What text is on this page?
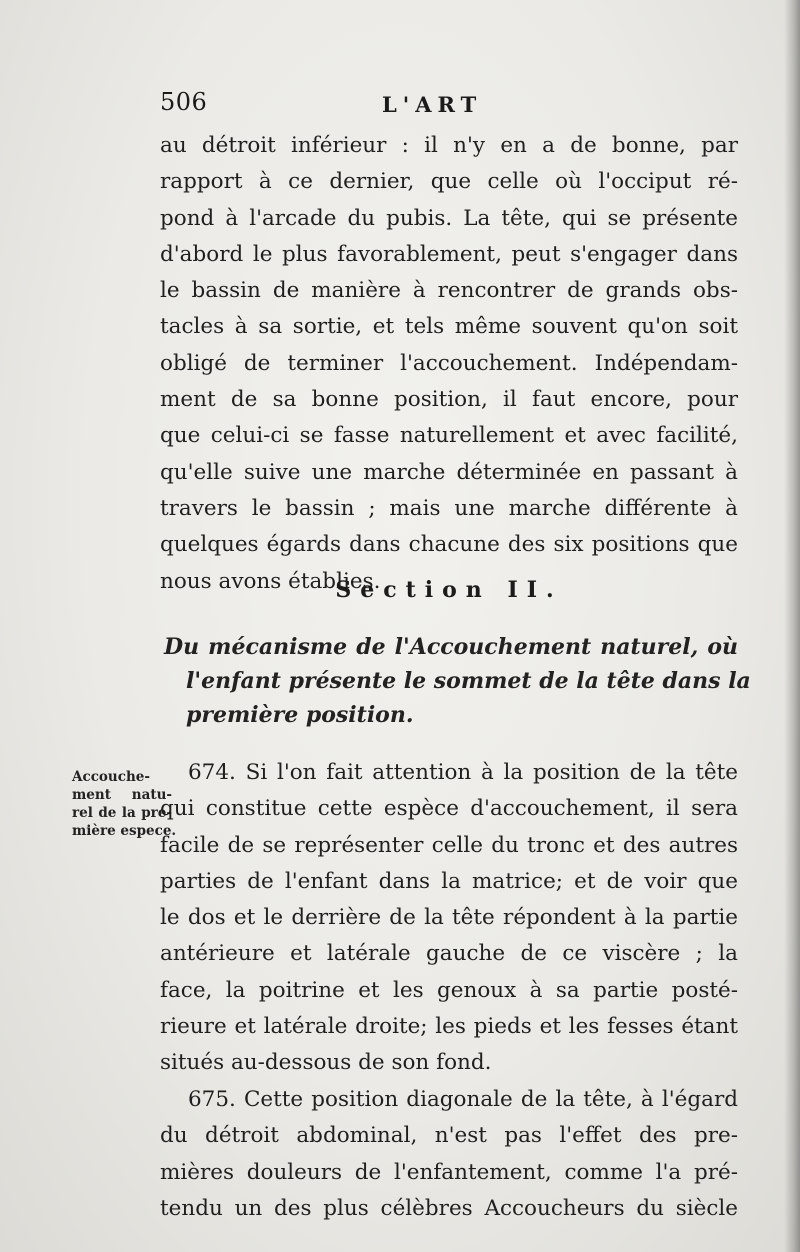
506	L'ART
au détroit inférieur : il n'y en a de bonne, par
rapport à ce dernier, que celle où l'occiput ré-
pond à l'arcade du pubis. La tête, qui se présente
d'abord le plus favorablement, peut s'engager dans
le bassin de manière à rencontrer de grands obs-
tacles à sa sortie, et tels même souvent qu'on soit
obligé de terminer l'accouchement. Indépendam-
ment de sa bonne position, il faut encore, pour
que celui-ci se fasse naturellement et avec facilité,
qu'elle suive une marche déterminée en passant à
travers le bassin ; mais une marche différente à
quelques égards dans chacune des six positions que
nous avons établies.
Section II.
Du mécanisme de l'Accouchement naturel, où
l'enfant présente le sommet de la tête dans la
première position.
Accouche-
ment natu-
rel de la pre-
mière espece.
674. Si l'on fait attention à la position de la tête
qui constitue cette espèce d'accouchement, il sera
facile de se représenter celle du tronc et des autres
parties de l'enfant dans la matrice; et de voir que
le dos et le derrière de la tête répondent à la partie
antérieure et latérale gauche de ce viscère ; la
face, la poitrine et les genoux à sa partie posté-
rieure et latérale droite; les pieds et les fesses étant
situés au-dessous de son fond.
675. Cette position diagonale de la tête, à l'égard
du détroit abdominal, n'est pas l'effet des pre-
mières douleurs de l'enfantement, comme l'a pré-
tendu un des plus célèbres Accoucheurs du siècle
